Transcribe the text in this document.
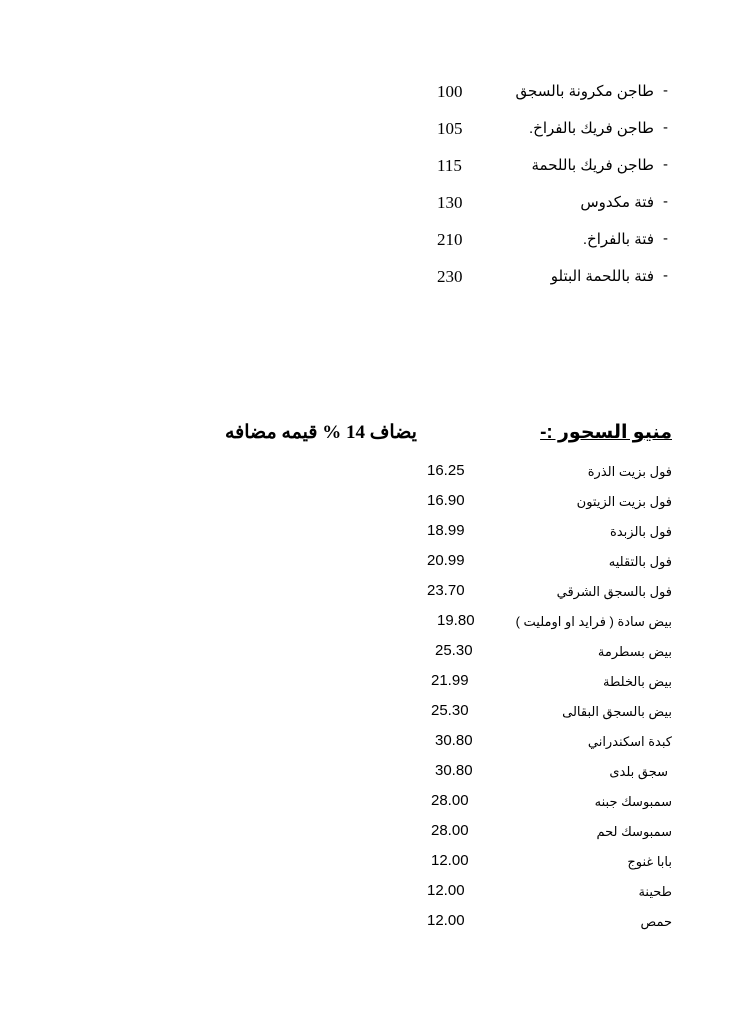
100	طاجن مكرونة بالسجق -
105	طاجن فريك بالفراخ. -
115	طاجن فريك باللحمة -
130	فتة مكدوس -
210	فتة بالفراخ. -
230	فتة باللحمة البتلو -
منيو السحور :-
يضاف 14 % قيمه مضافه
16.25	فول بزيت الذرة
16.90	فول بزيت الزيتون
18.99	فول بالزبدة
20.99	فول بالتقليه
23.70	فول بالسجق الشرقي
19.80	بيض سادة ( فرايد او اومليت )
25.30	بيض بسطرمة
21.99	بيض بالخلطة
25.30	بيض بالسجق البقالى
30.80	كبدة اسكندراني
30.80	سجق بلدى
28.00	سمبوسك جبنه
28.00	سمبوسك لحم
12.00	بابا غنوج
12.00	طحينة
12.00	حمص
